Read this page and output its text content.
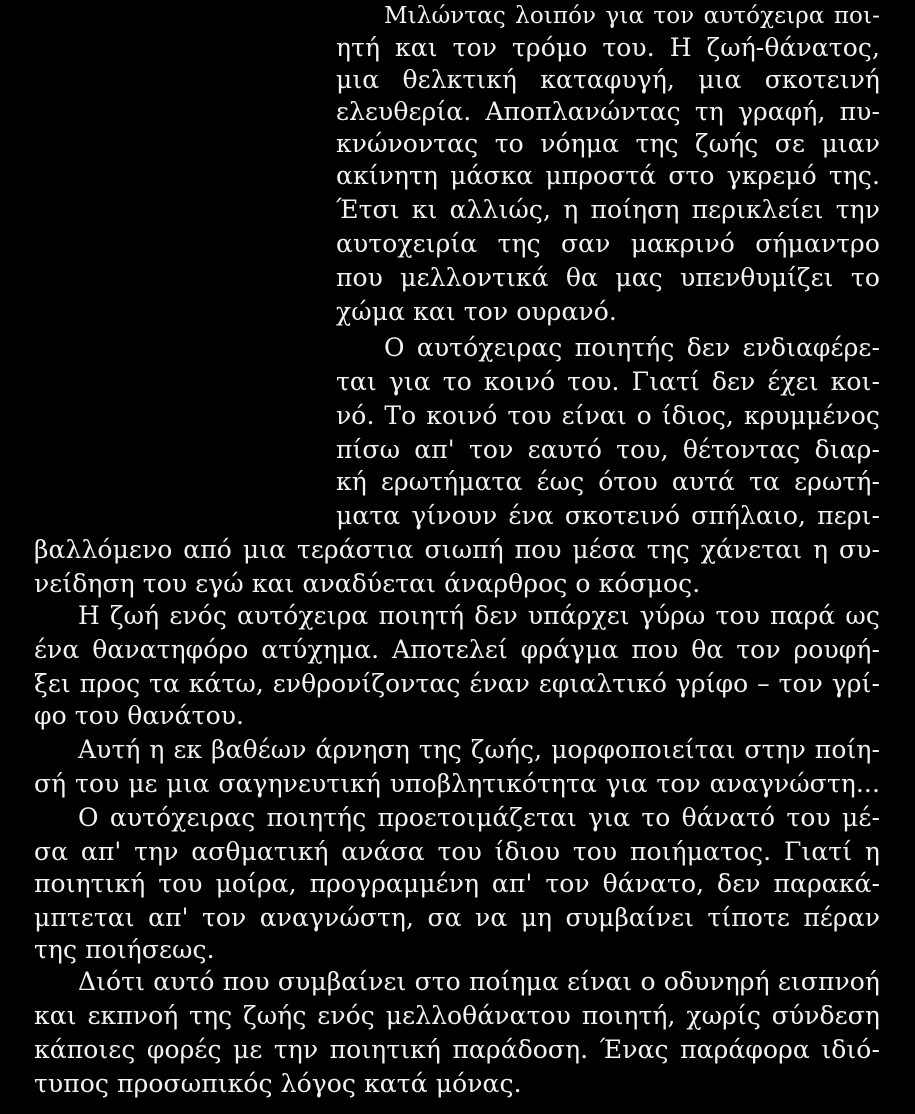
Μιλώντας λοιπόν για τον αυτόχειρα ποι-
ητή και τον τρόμο του. Η ζωή-θάνατος,
μια θελκτική καταφυγή, μια σκοτεινή
ελευθερία. Αποπλανώντας τη γραφή, πυ-
κνώνοντας το νόημα της ζωής σε μιαν
ακίνητη μάσκα μπροστά στο γκρεμό της.
Έτσι κι αλλιώς, η ποίηση περικλείει την
αυτοχειρία της σαν μακρινό σήμαντρο
που μελλοντικά θα μας υπενθυμίζει το
χώμα και τον ουρανό.
Ο αυτόχειρας ποιητής δεν ενδιαφέρε-
ται για το κοινό του. Γιατί δεν έχει κοι-
νό. Το κοινό του είναι ο ίδιος, κρυμμένος
πίσω απ' τον εαυτό του, θέτοντας διαρ-
κή ερωτήματα έως ότου αυτά τα ερωτή-
ματα γίνουν ένα σκοτεινό σπήλαιο, περι-
βαλλόμενο από μια τεράστια σιωπή που μέσα της χάνεται η συ-
νείδηση του εγώ και αναδύεται άναρθρος ο κόσμος.
Η ζωή ενός αυτόχειρα ποιητή δεν υπάρχει γύρω του παρά ως
ένα θανατηφόρο ατύχημα. Αποτελεί φράγμα που θα τον ρουφή-
ξει προς τα κάτω, ενθρονίζοντας έναν εφιαλτικό γρίφο – τον γρί-
φο του θανάτου.
Αυτή η εκ βαθέων άρνηση της ζωής, μορφοποιείται στην ποίη-
σή του με μια σαγηνευτική υποβλητικότητα για τον αναγνώστη...
Ο αυτόχειρας ποιητής προετοιμάζεται για το θάνατό του μέ-
σα απ' την ασθματική ανάσα του ίδιου του ποιήματος. Γιατί η
ποιητική του μοίρα, προγραμμένη απ' τον θάνατο, δεν παρακά-
μπτεται απ' τον αναγνώστη, σα να μη συμβαίνει τίποτε πέραν
της ποιήσεως.
Διότι αυτό που συμβαίνει στο ποίημα είναι ο οδυνηρή εισπνοή
και εκπνοή της ζωής ενός μελλοθάνατου ποιητή, χωρίς σύνδεση
κάποιες φορές με την ποιητική παράδοση. Ένας παράφορα ιδιό-
τυπος προσωπικός λόγος κατά μόνας.
